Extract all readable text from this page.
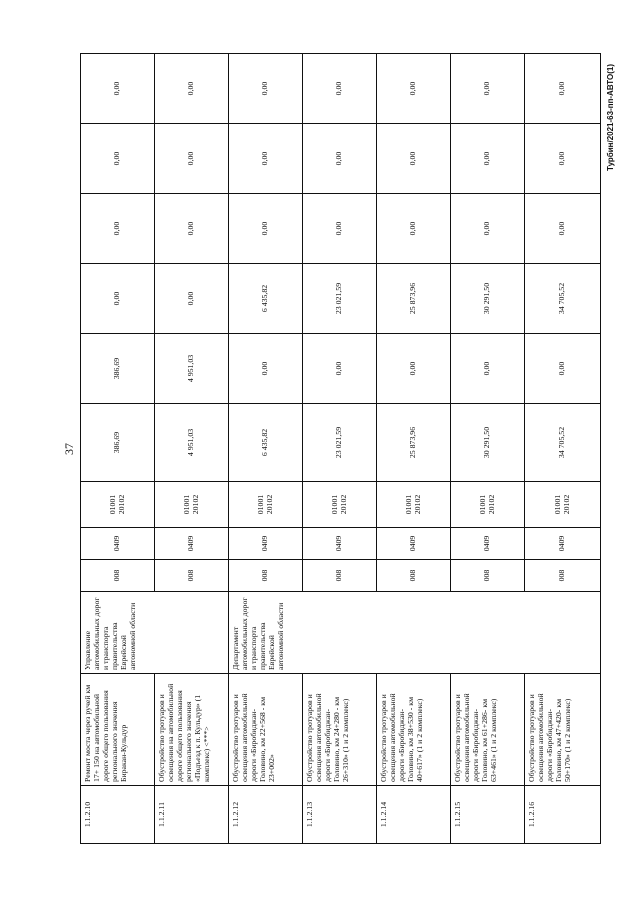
37
1.1.2.10	Ремонт моста через ручей км 17+ 150 на автомобильной дороге общего пользования регионального значения Биракан-Кульдур	Управление автомобильных дорог и транспорта правительства Еврейской автономной области	008	0409	01001 20102	386,69	386,69	0,00	0,00	0,00	0,00
1.1.2.11	Обустройство тротуаров и освещения на автомобильной дороге общего пользования регионального значения «Подъезд к п. Кульдур» (1 комплекс) <***>		008	0409	01001 20102	4 951,03	4 951,03	0,00	0,00	0,00	0,00
1.1.2.12	Обустройство тротуаров и освещения автомобильной дороги «Биробиджан-Головино, км 22+568 - км 23+002»	Департамент автомобильных дорог и транспорта правительства Еврейской автономной области	008	0409	01001 20102	6 435,82	0,00	6 435,82	0,00	0,00	0,00
1.1.2.13	Обустройство тротуаров и освещения автомобильной дороги «Биробиджан-Головино, км 24+280 - км 26+310» (1 и 2 комплекс)		008	0409	01001 20102	23 021,59	0,00	23 021,59	0,00	0,00	0,00
1.1.2.14	Обустройство тротуаров и освещения автомобильной дороги «Биробиджан-Головино, км 38+530 - км 40+617» (1 и 2 комплекс)		008	0409	01001 20102	25 873,96	0,00	25 873,96	0,00	0,00	0,00
1.1.2.15	Обустройство тротуаров и освещения автомобильной дороги «Биробиджан-Головино, км 61+286- км 63+461» (1 и 2 комплекс)		008	0409	01001 20102	30 291,50	0,00	30 291,50	0,00	0,00	0,00
1.1.2.16	Обустройство тротуаров и освещения автомобильной дороги «Биробиджан-Головино, км 47+420- км 50+170» (1 и 2 комплекс)		008	0409	01001 20102	34 705,52	0,00	34 705,52	0,00	0,00	0,00	Турбин/2021-63-пп-АВТО(1)
